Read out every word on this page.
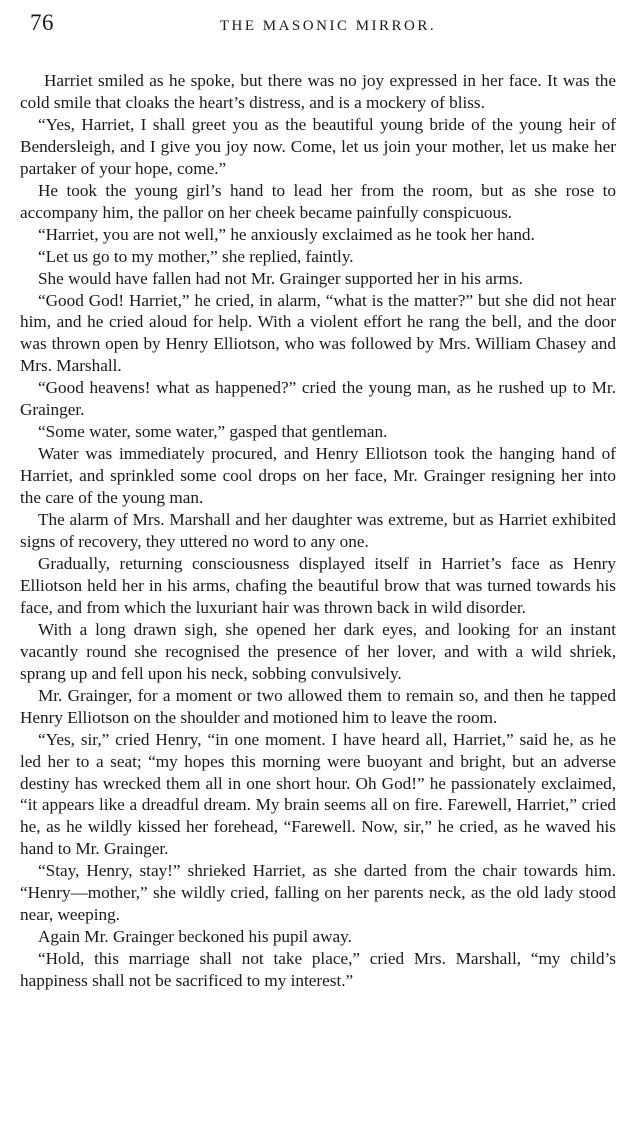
76	THE MASONIC MIRROR.

Harriet smiled as he spoke, but there was no joy expressed in her face. It was the cold smile that cloaks the heart’s distress, and is a mockery of bliss.

“Yes, Harriet, I shall greet you as the beautiful young bride of the young heir of Bendersleigh, and I give you joy now. Come, let us join your mother, let us make her partaker of your hope, come.”

He took the young girl’s hand to lead her from the room, but as she rose to accompany him, the pallor on her cheek became painfully conspicuous.

“Harriet, you are not well,” he anxiously exclaimed as he took her hand.

“Let us go to my mother,” she replied, faintly.

She would have fallen had not Mr. Grainger supported her in his arms.

“Good God! Harriet,” he cried, in alarm, “what is the matter?” but she did not hear him, and he cried aloud for help. With a violent effort he rang the bell, and the door was thrown open by Henry Elliotson, who was followed by Mrs. William Chasey and Mrs. Marshall.

“Good heavens! what as happened?” cried the young man, as he rushed up to Mr. Grainger.

“Some water, some water,” gasped that gentleman.

Water was immediately procured, and Henry Elliotson took the hanging hand of Harriet, and sprinkled some cool drops on her face, Mr. Grainger resigning her into the care of the young man.

The alarm of Mrs. Marshall and her daughter was extreme, but as Harriet exhibited signs of recovery, they uttered no word to any one.

Gradually, returning consciousness displayed itself in Harriet’s face as Henry Elliotson held her in his arms, chafing the beautiful brow that was turned towards his face, and from which the luxuriant hair was thrown back in wild disorder.

With a long drawn sigh, she opened her dark eyes, and looking for an instant vacantly round she recognised the presence of her lover, and with a wild shriek, sprang up and fell upon his neck, sobbing convulsively.

Mr. Grainger, for a moment or two allowed them to remain so, and then he tapped Henry Elliotson on the shoulder and motioned him to leave the room.

“Yes, sir,” cried Henry, “in one moment. I have heard all, Harriet,” said he, as he led her to a seat; “my hopes this morning were buoyant and bright, but an adverse destiny has wrecked them all in one short hour. Oh God!” he passionately exclaimed, “it appears like a dreadful dream. My brain seems all on fire. Farewell, Harriet,” cried he, as he wildly kissed her forehead, “Farewell. Now, sir,” he cried, as he waved his hand to Mr. Grainger.

“Stay, Henry, stay!” shrieked Harriet, as she darted from the chair towards him. “Henry—mother,” she wildly cried, falling on her parents neck, as the old lady stood near, weeping.

Again Mr. Grainger beckoned his pupil away.

“Hold, this marriage shall not take place,” cried Mrs. Marshall, “my child’s happiness shall not be sacrificed to my interest.”
